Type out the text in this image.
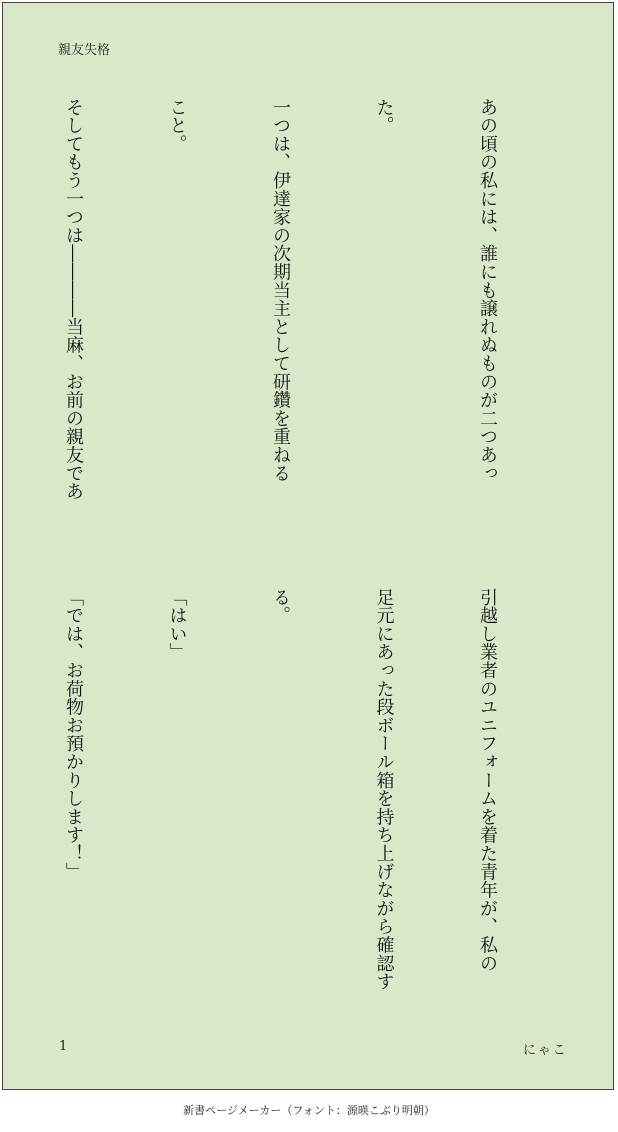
親友失格

あの頃の私には、誰にも譲れぬものが二つあっ

た。

一つは、伊達家の次期当主として研鑽を重ねる

こと。

そしてもう一つは――――当麻、お前の親友であ

引越し業者のユニフォームを着た青年が、私の

足元にあった段ボール箱を持ち上げながら確認す

る。

「はい」

「では、お荷物お預かりします！」

1	にゃこ
新書ページメーカー（フォント：源暎こぶり明朝）
